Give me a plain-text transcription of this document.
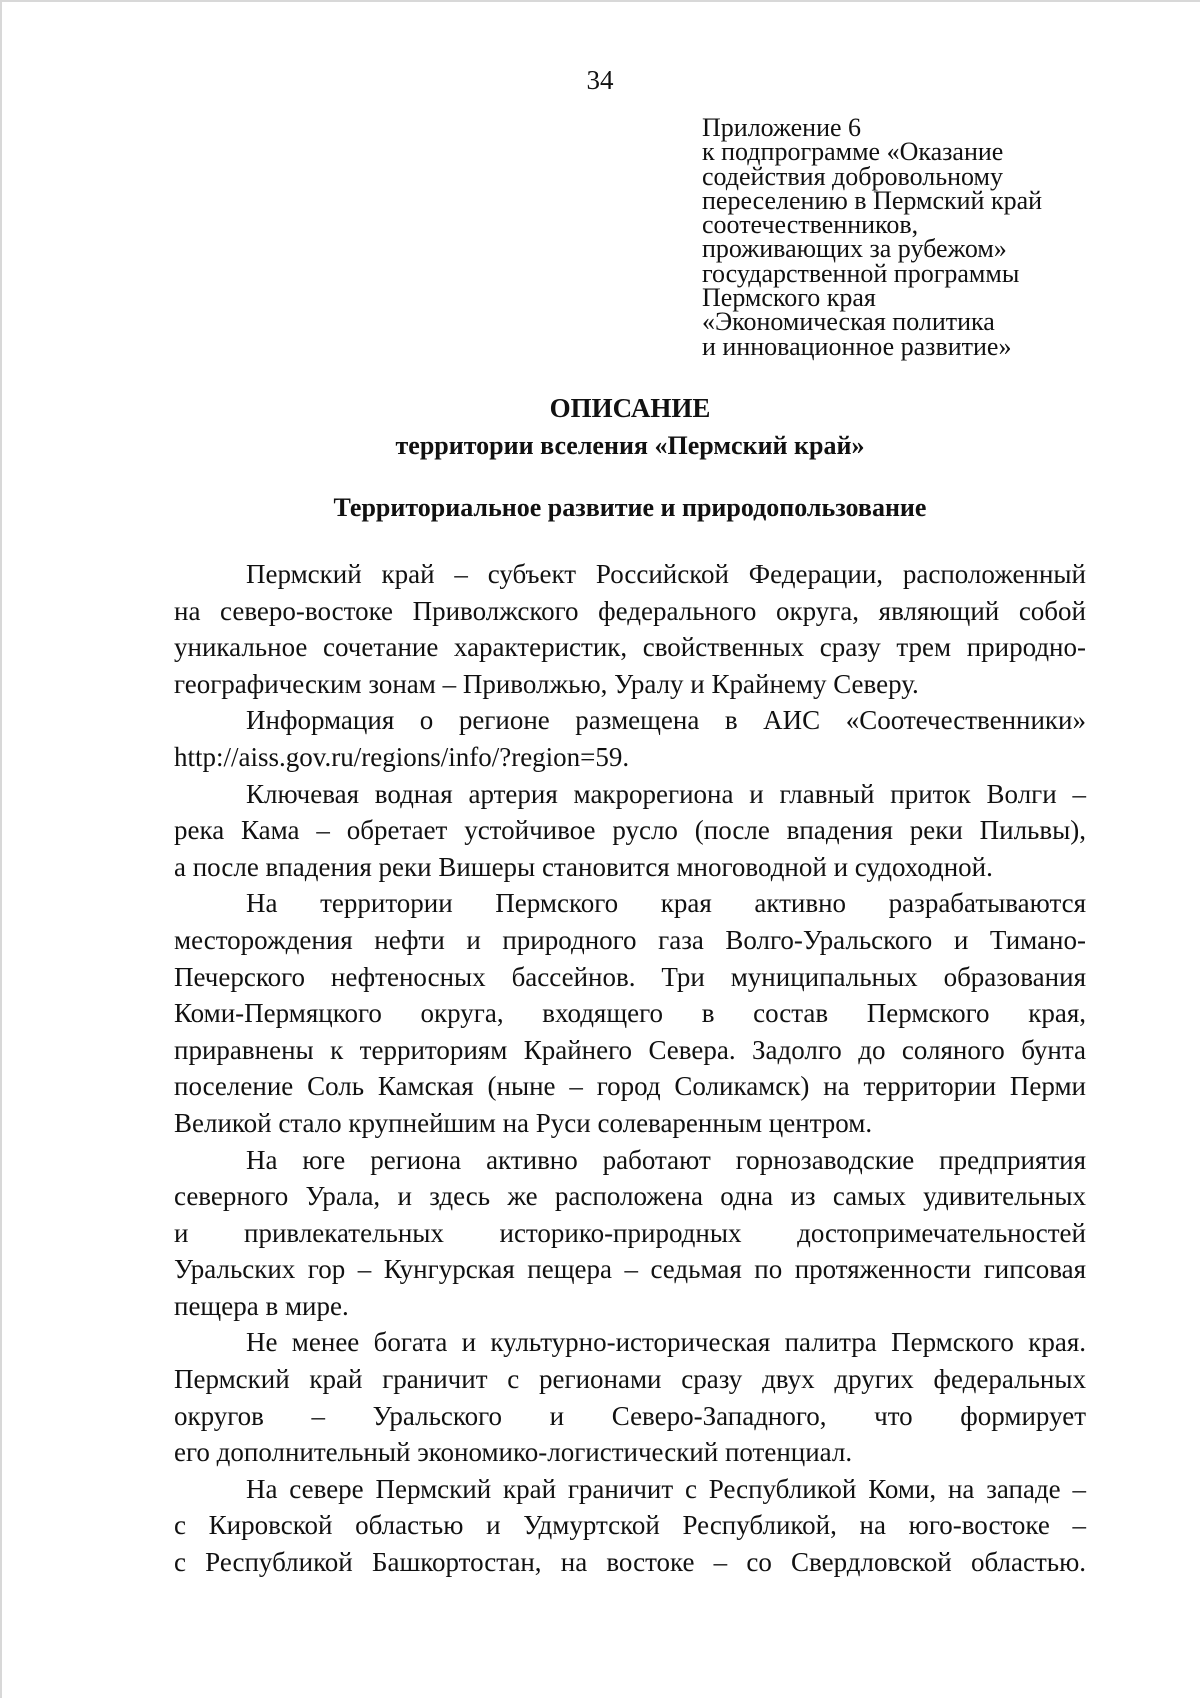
34
Приложение 6
к подпрограмме «Оказание
содействия добровольному
переселению в Пермский край
соотечественников,
проживающих за рубежом»
государственной программы
Пермского края
«Экономическая политика
и инновационное развитие»
ОПИСАНИЕ
территории вселения «Пермский край»
Территориальное развитие и природопользование
Пермский край – субъект Российской Федерации, расположенный
на северо-востоке Приволжского федерального округа, являющий собой
уникальное сочетание характеристик, свойственных сразу трем природно-
географическим зонам – Приволжью, Уралу и Крайнему Северу.
Информация о регионе размещена в АИС «Соотечественники»
http://aiss.gov.ru/regions/info/?region=59.
Ключевая водная артерия макрорегиона и главный приток Волги –
река Кама – обретает устойчивое русло (после впадения реки Пильвы),
а после впадения реки Вишеры становится многоводной и судоходной.
На территории Пермского края активно разрабатываются
месторождения нефти и природного газа Волго-Уральского и Тимано-
Печерского нефтеносных бассейнов. Три муниципальных образования
Коми-Пермяцкого округа, входящего в состав Пермского края,
приравнены к территориям Крайнего Севера. Задолго до соляного бунта
поселение Соль Камская (ныне – город Соликамск) на территории Перми
Великой стало крупнейшим на Руси солеваренным центром.
На юге региона активно работают горнозаводские предприятия
северного Урала, и здесь же расположена одна из самых удивительных
и привлекательных историко-природных достопримечательностей
Уральских гор – Кунгурская пещера – седьмая по протяженности гипсовая
пещера в мире.
Не менее богата и культурно-историческая палитра Пермского края.
Пермский край граничит с регионами сразу двух других федеральных
округов – Уральского и Северо-Западного, что формирует
его дополнительный экономико-логистический потенциал.
На севере Пермский край граничит с Республикой Коми, на западе –
с Кировской областью и Удмуртской Республикой, на юго-востоке –
с Республикой Башкортостан, на востоке – со Свердловской областью.
